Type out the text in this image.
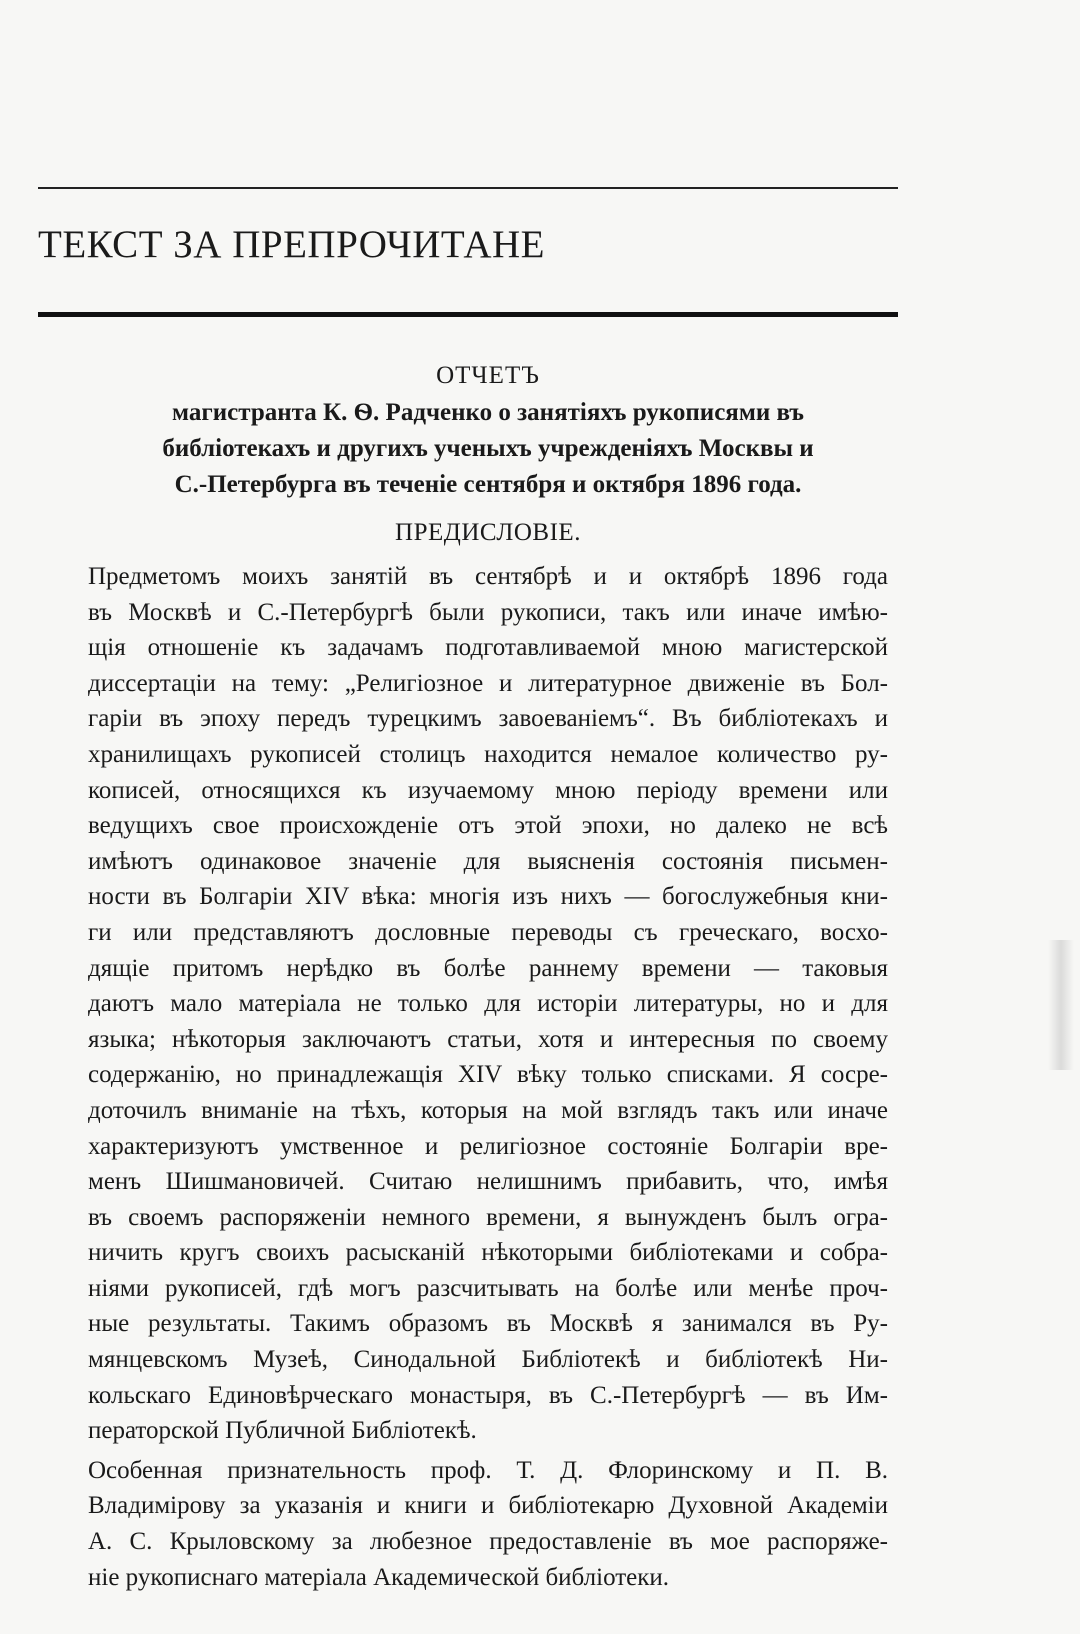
ТЕКСТ ЗА ПРЕПРОЧИТАНЕ
ОТЧЕТЪ
магистранта К. Ѳ. Радченко о занятіяхъ рукописями въ
библіотекахъ и другихъ ученыхъ учрежденіяхъ Москвы и
С.-Петербурга въ теченіе сентября и октября 1896 года.
ПРЕДИСЛОВІЕ.
Предметомъ моихъ занятій въ сентябрѣ и и октябрѣ 1896 года
въ Москвѣ и С.-Петербургѣ были рукописи, такъ или иначе имѣю-
щія отношеніе къ задачамъ подготавливаемой мною магистерской
диссертаціи на тему: „Религіозное и литературное движеніе въ Бол-
гаріи въ эпоху передъ турецкимъ завоеваніемъ“. Въ библіотекахъ и
хранилищахъ рукописей столицъ находится немалое количество ру-
кописей, относящихся къ изучаемому мною періоду времени или
ведущихъ свое происхожденіе отъ этой эпохи, но далеко не всѣ
имѣютъ одинаковое значеніе для выясненія состоянія письмен-
ности въ Болгаріи XIV вѣка: многія изъ нихъ — богослужебныя кни-
ги или представляютъ дословные переводы съ греческаго, восхо-
дящіе притомъ нерѣдко въ болѣе раннему времени — таковыя
даютъ мало матеріала не только для исторіи литературы, но и для
языка; нѣкоторыя заключаютъ статьи, хотя и интересныя по своему
содержанію, но принадлежащія XIV вѣку только списками. Я сосре-
доточилъ вниманіе на тѣхъ, которыя на мой взглядъ такъ или иначе
характеризуютъ умственное и религіозное состояніе Болгаріи вре-
менъ Шишмановичей. Считаю нелишнимъ прибавить, что, имѣя
въ своемъ распоряженіи немного времени, я вынужденъ былъ огра-
ничить кругъ своихъ расысканій нѣкоторыми библіотеками и собра-
ніями рукописей, гдѣ могъ разсчитывать на болѣе или менѣе проч-
ные результаты. Такимъ образомъ въ Москвѣ я занимался въ Ру-
мянцевскомъ Музеѣ, Синодальной Библіотекѣ и библіотекѣ Ни-
кольскаго Единовѣрческаго монастыря, въ С.-Петербургѣ — въ Им-
ператорской Публичной Библіотекѣ.
Особенная признательность проф. Т. Д. Флоринскому и П. В.
Владимірову за указанія и книги и библіотекарю Духовной Академіи
А. С. Крыловскому за любезное предоставленіе въ мое распоряже-
ніе рукописнаго матеріала Академической библіотеки.
